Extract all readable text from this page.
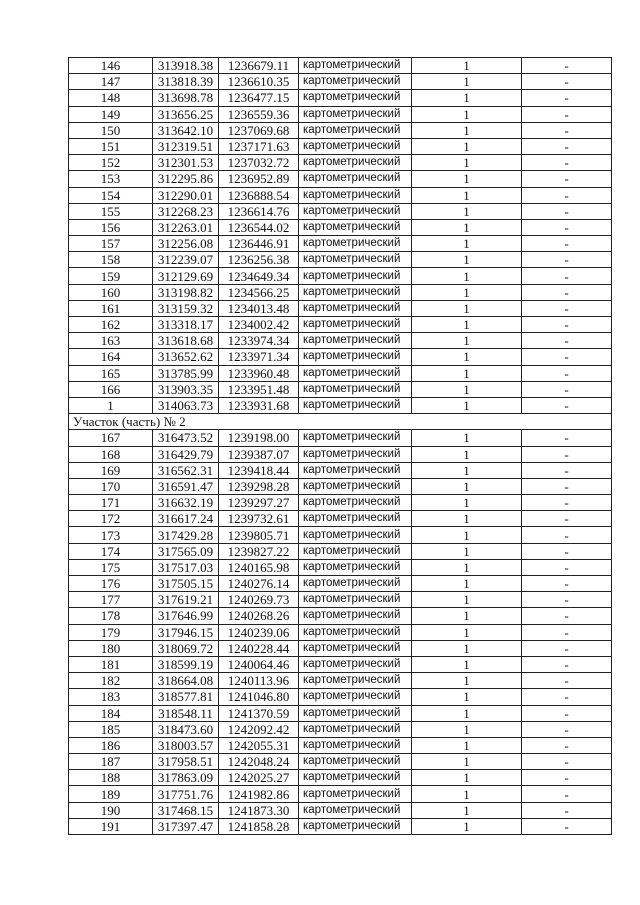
146	313918.38	1236679.11	картометрический	1	-
147	313818.39	1236610.35	картометрический	1	-
148	313698.78	1236477.15	картометрический	1	-
149	313656.25	1236559.36	картометрический	1	-
150	313642.10	1237069.68	картометрический	1	-
151	312319.51	1237171.63	картометрический	1	-
152	312301.53	1237032.72	картометрический	1	-
153	312295.86	1236952.89	картометрический	1	-
154	312290.01	1236888.54	картометрический	1	-
155	312268.23	1236614.76	картометрический	1	-
156	312263.01	1236544.02	картометрический	1	-
157	312256.08	1236446.91	картометрический	1	-
158	312239.07	1236256.38	картометрический	1	-
159	312129.69	1234649.34	картометрический	1	-
160	313198.82	1234566.25	картометрический	1	-
161	313159.32	1234013.48	картометрический	1	-
162	313318.17	1234002.42	картометрический	1	-
163	313618.68	1233974.34	картометрический	1	-
164	313652.62	1233971.34	картометрический	1	-
165	313785.99	1233960.48	картометрический	1	-
166	313903.35	1233951.48	картометрический	1	-
1	314063.73	1233931.68	картометрический	1	-
Участок (часть) № 2					
167	316473.52	1239198.00	картометрический	1	-
168	316429.79	1239387.07	картометрический	1	-
169	316562.31	1239418.44	картометрический	1	-
170	316591.47	1239298.28	картометрический	1	-
171	316632.19	1239297.27	картометрический	1	-
172	316617.24	1239732.61	картометрический	1	-
173	317429.28	1239805.71	картометрический	1	-
174	317565.09	1239827.22	картометрический	1	-
175	317517.03	1240165.98	картометрический	1	-
176	317505.15	1240276.14	картометрический	1	-
177	317619.21	1240269.73	картометрический	1	-
178	317646.99	1240268.26	картометрический	1	-
179	317946.15	1240239.06	картометрический	1	-
180	318069.72	1240228.44	картометрический	1	-
181	318599.19	1240064.46	картометрический	1	-
182	318664.08	1240113.96	картометрический	1	-
183	318577.81	1241046.80	картометрический	1	-
184	318548.11	1241370.59	картометрический	1	-
185	318473.60	1242092.42	картометрический	1	-
186	318003.57	1242055.31	картометрический	1	-
187	317958.51	1242048.24	картометрический	1	-
188	317863.09	1242025.27	картометрический	1	-
189	317751.76	1241982.86	картометрический	1	-
190	317468.15	1241873.30	картометрический	1	-
191	317397.47	1241858.28	картометрический	1	-
